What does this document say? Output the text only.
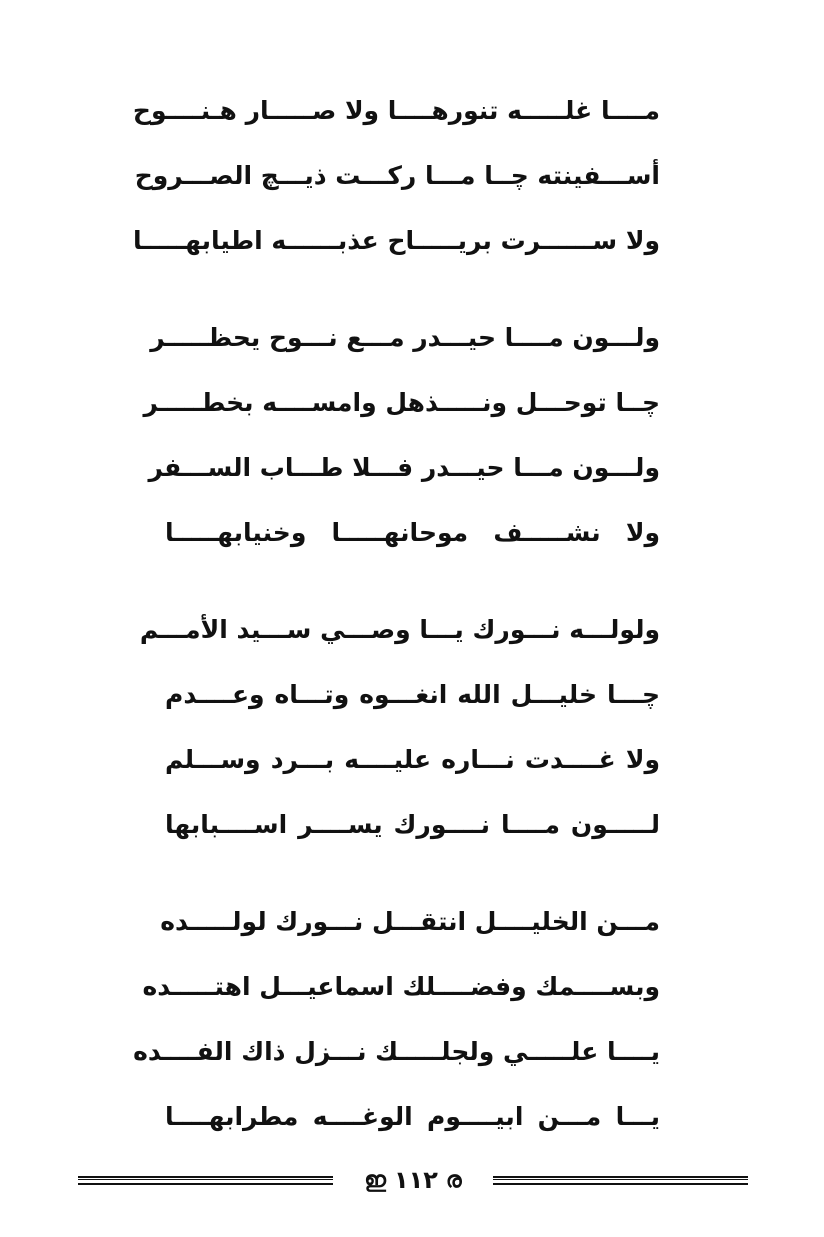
مــــا غلـــــه تنورهــــا ولا صـــــار هـنــــوح
أســـفينته چــا مـــا ركـــت ذيـــچ الصـــروح
ولا ســــــرت بريـــــاح عذبــــــه اطيابهـــــا
ولـــون مــــا حيـــدر مـــع نـــوح يحظـــــر
چــا توحـــل ونـــــذهل وامســــه بخطـــــر
ولـــون مـــا حيـــدر فـــلا طـــاب الســـفر
ولا نشـــــف موحانهـــــا وخنيابهـــــا
ولولـــه نـــورك يـــا وصـــي ســـيد الأمـــم
چـــا خليـــل الله انغـــوه وتـــاه وعــــدم
ولا غــــدت نـــاره عليــــه بـــرد وســـلم
لـــــون مــــا نــــورك يســــر اســــبابها
مـــن الخليــــل انتقـــل نـــورك لولـــــده
وبســــمك وفضــــلك اسماعيـــل اهتـــــده
يــــا علـــــي ولجلـــــك نـــزل ذاك الفــــده
يـــا مـــن ابيــــوم الوغــــه مطرابهــــا
ഇ ١١٢ ര
